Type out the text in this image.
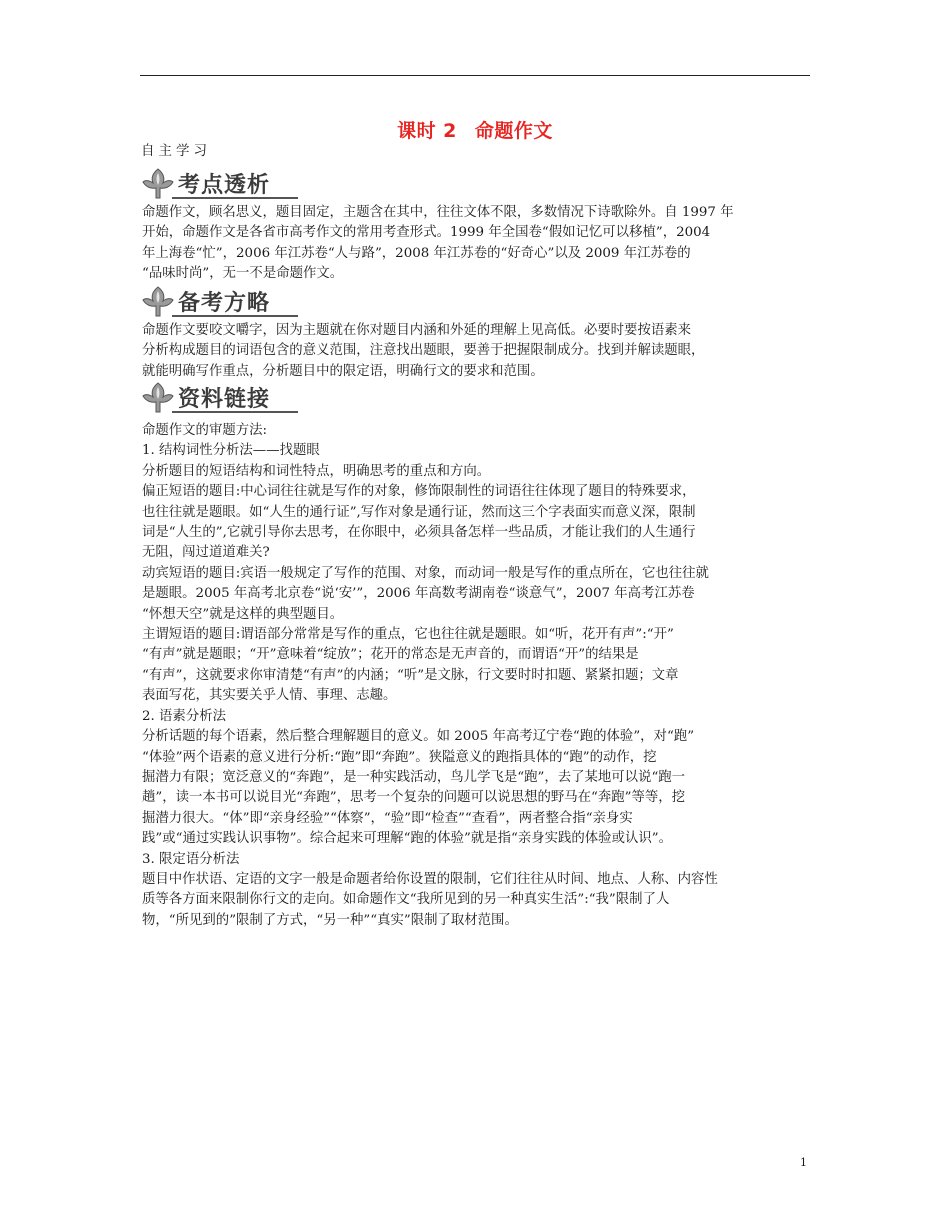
课时 2 命题作文
自主学习
考点透析
命题作文，顾名思义，题目固定，主题含在其中，往往文体不限，多数情况下诗歌除外。自 1997 年
开始，命题作文是各省市高考作文的常用考查形式。1999 年全国卷“假如记忆可以移植”，2004
年上海卷“忙”，2006 年江苏卷“人与路”，2008 年江苏卷的“好奇心”以及 2009 年江苏卷的
“品味时尚”，无一不是命题作文。
备考方略
命题作文要咬文嚼字，因为主题就在你对题目内涵和外延的理解上见高低。必要时要按语素来
分析构成题目的词语包含的意义范围，注意找出题眼，要善于把握限制成分。找到并解读题眼，
就能明确写作重点，分析题目中的限定语，明确行文的要求和范围。
资料链接
命题作文的审题方法:
1. 结构词性分析法——找题眼
分析题目的短语结构和词性特点，明确思考的重点和方向。
偏正短语的题目:中心词往往就是写作的对象，修饰限制性的词语往往体现了题目的特殊要求，
也往往就是题眼。如“人生的通行证”,写作对象是通行证，然而这三个字表面实而意义深，限制
词是“人生的”,它就引导你去思考，在你眼中，必须具备怎样一些品质，才能让我们的人生通行
无阻，闯过道道难关?
动宾短语的题目:宾语一般规定了写作的范围、对象，而动词一般是写作的重点所在，它也往往就
是题眼。2005 年高考北京卷“说‘安’”，2006 年高数考湖南卷“谈意气”，2007 年高考江苏卷
“怀想天空”就是这样的典型题目。
主谓短语的题目:谓语部分常常是写作的重点，它也往往就是题眼。如“听，花开有声”:“开”
“有声”就是题眼；“开”意味着“绽放”；花开的常态是无声音的，而谓语“开”的结果是
“有声”，这就要求你审清楚“有声”的内涵；“听”是文脉，行文要时时扣题、紧紧扣题；文章
表面写花，其实要关乎人情、事理、志趣。
2. 语素分析法
分析话题的每个语素，然后整合理解题目的意义。如 2005 年高考辽宁卷“跑的体验”，对“跑”
“体验”两个语素的意义进行分析:“跑”即“奔跑”。狭隘意义的跑指具体的“跑”的动作，挖
掘潜力有限；宽泛意义的“奔跑”，是一种实践活动，鸟儿学飞是“跑”，去了某地可以说“跑一
趟”，读一本书可以说目光“奔跑”，思考一个复杂的问题可以说思想的野马在“奔跑”等等，挖
掘潜力很大。“体”即“亲身经验”“体察”，“验”即“检查”“查看”，两者整合指“亲身实
践”或“通过实践认识事物”。综合起来可理解“跑的体验”就是指“亲身实践的体验或认识”。
3. 限定语分析法
题目中作状语、定语的文字一般是命题者给你设置的限制，它们往往从时间、地点、人称、内容性
质等各方面来限制你行文的走向。如命题作文“我所见到的另一种真实生活”:“我”限制了人
物，“所见到的”限制了方式，“另一种”“真实”限制了取材范围。
1
